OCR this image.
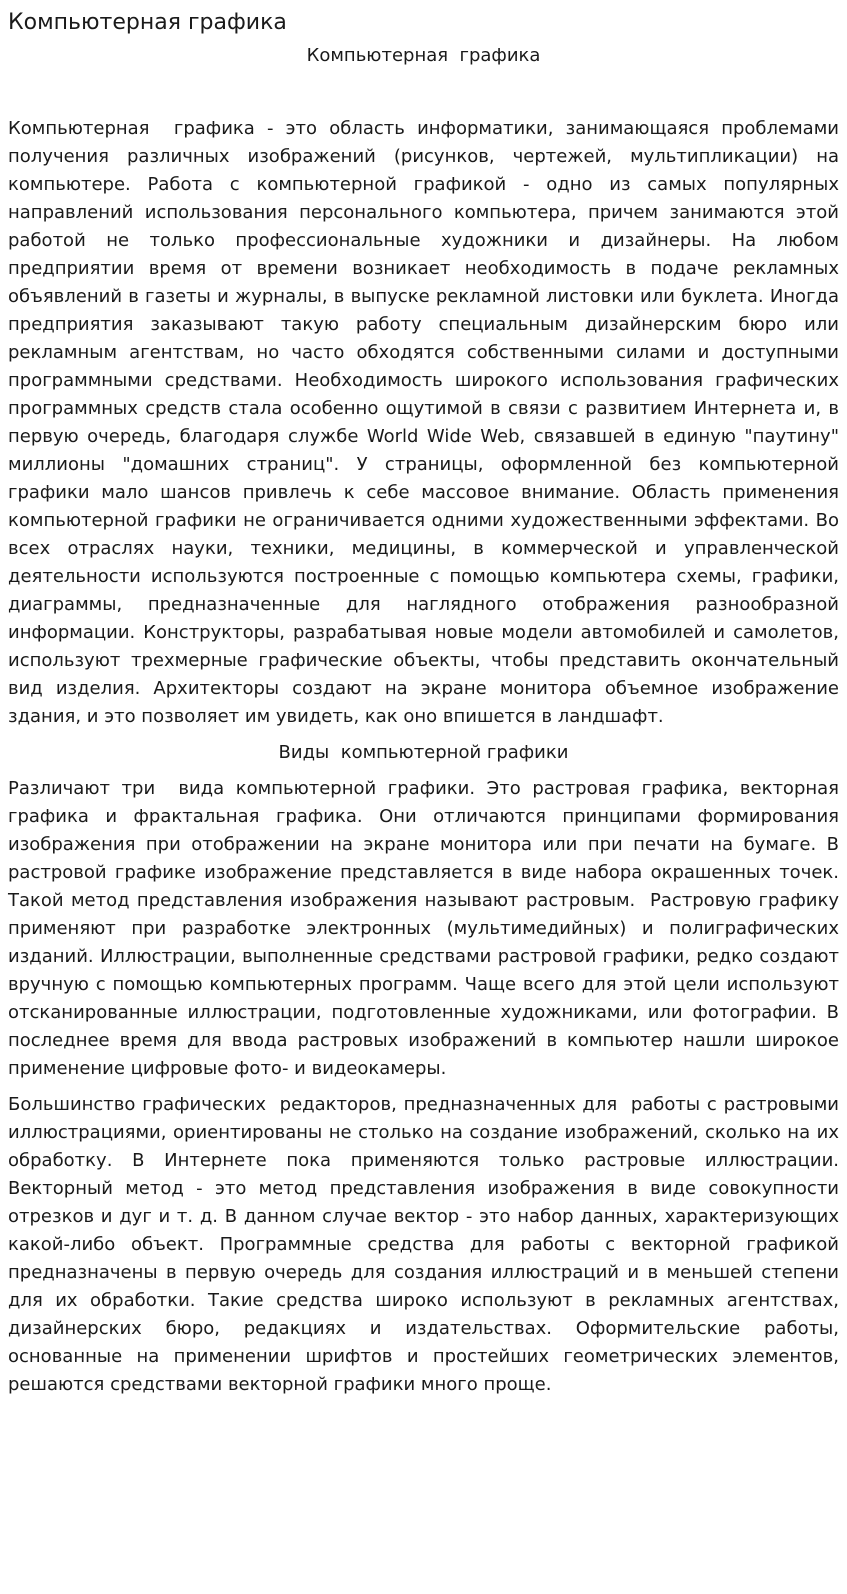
Компьютерная графика
Компьютерная  графика

Компьютерная  графика - это область информатики, занимающаяся проблемами получения различных изображений (рисунков, чертежей, мультипликации) на компьютере. Работа с компьютерной графикой - одно из самых популярных направлений использования персонального компьютера, причем занимаются этой работой не только профессиональные художники и дизайнеры. На любом предприятии время от времени возникает необходимость в подаче рекламных объявлений в газеты и журналы, в выпуске рекламной листовки или буклета. Иногда предприятия заказывают такую работу специальным дизайнерским бюро или рекламным агентствам, но часто обходятся собственными силами и доступными программными средствами. Необходимость широкого использования графических программных средств стала особенно ощутимой в связи с развитием Интернета и, в первую очередь, благодаря службе World Wide Web, связавшей в единую "паутину" миллионы "домашних страниц". У страницы, оформленной без компьютерной графики мало шансов привлечь к себе массовое внимание. Область применения компьютерной графики не ограничивается одними художественными эффектами. Во всех отраслях науки, техники, медицины, в коммерческой и управленческой деятельности используются построенные с помощью компьютера схемы, графики, диаграммы, предназначенные для наглядного отображения разнообразной информации. Конструкторы, разрабатывая новые модели автомобилей и самолетов, используют трехмерные графические объекты, чтобы представить окончательный вид изделия. Архитекторы создают на экране монитора объемное изображение здания, и это позволяет им увидеть, как оно впишется в ландшафт.

Виды  компьютерной графики

Различают три  вида компьютерной графики. Это растровая графика, векторная графика и фрактальная графика. Они отличаются принципами формирования изображения при отображении на экране монитора или при печати на бумаге. В растровой графике изображение представляется в виде набора окрашенных точек. Такой метод представления изображения называют растровым.  Растровую графику применяют при разработке электронных (мультимедийных) и полиграфических изданий. Иллюстрации, выполненные средствами растровой графики, редко создают вручную с помощью компьютерных программ. Чаще всего для этой цели используют отсканированные иллюстрации, подготовленные художниками, или фотографии. В последнее время для ввода растровых изображений в компьютер нашли широкое применение цифровые фото- и видеокамеры.

Большинство графических  редакторов, предназначенных для  работы с растровыми иллюстрациями, ориентированы не столько на создание изображений, сколько на их обработку. В Интернете пока применяются только растровые иллюстрации. Векторный метод - это метод представления изображения в виде совокупности отрезков и дуг и т. д. В данном случае вектор - это набор данных, характеризующих какой-либо объект. Программные средства для работы с векторной графикой предназначены в первую очередь для создания иллюстраций и в меньшей степени для их обработки. Такие средства широко используют в рекламных агентствах, дизайнерских бюро, редакциях и издательствах. Оформительские работы, основанные на применении шрифтов и простейших геометрических элементов, решаются средствами векторной графики много проще.
